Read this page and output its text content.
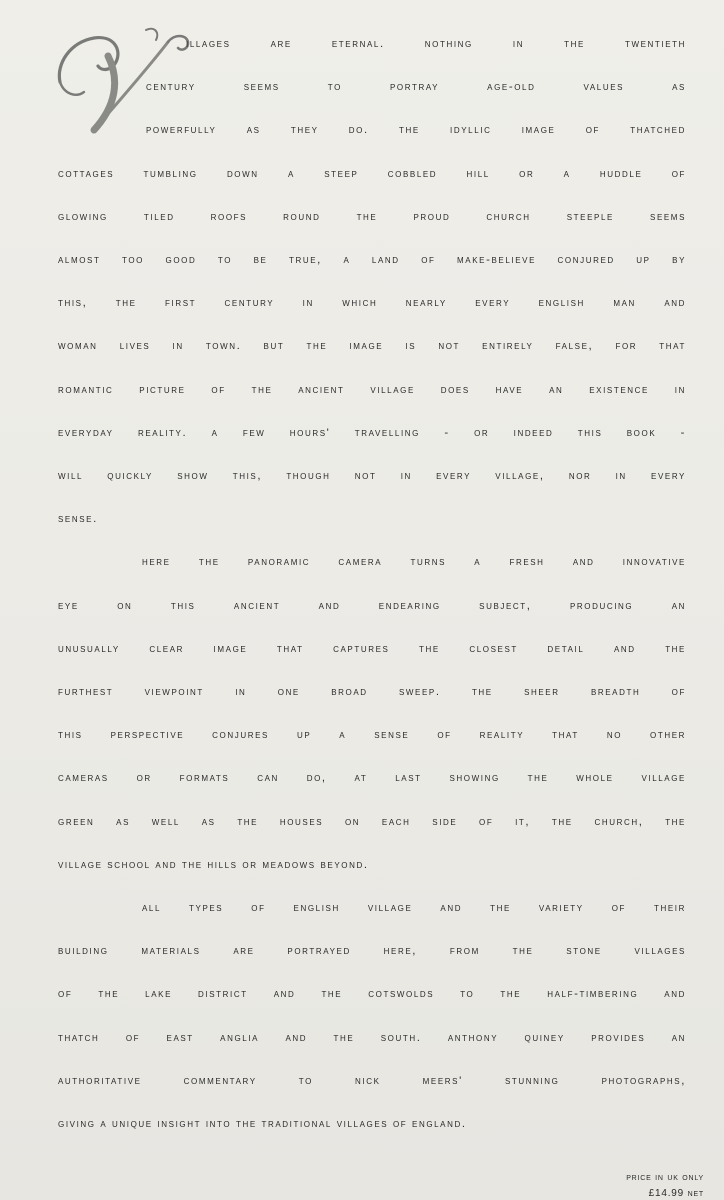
illages are eternal. nothing in the twentieth
century seems to portray age-old values as
powerfully as they do. the idyllic image of thatched
cottages tumbling down a steep cobbled hill or a huddle of
glowing tiled roofs round the proud church steeple seems
almost too good to be true, a land of make-believe conjured up by
this, the first century in which nearly every english man and
woman lives in town. but the image is not entirely false, for that
romantic picture of the ancient village does have an existence in
everyday reality. a few hours' travelling - or indeed this book -
will quickly show this, though not in every village, nor in every
sense.

here the panoramic camera turns a fresh and innovative
eye on this ancient and endearing subject, producing an
unusually clear image that captures the closest detail and the
furthest viewpoint in one broad sweep. the sheer breadth of
this perspective conjures up a sense of reality that no other
cameras or formats can do, at last showing the whole village
green as well as the houses on each side of it, the church, the
village school and the hills or meadows beyond.

all types of english village and the variety of their
building materials are portrayed here, from the stone villages
of the lake district and the cotswolds to the half-timbering and
thatch of east anglia and the south. anthony quiney provides an
authoritative commentary to nick meers' stunning photographs,
giving a unique insight into the traditional villages of england.

price in uk only
£14.99 net
